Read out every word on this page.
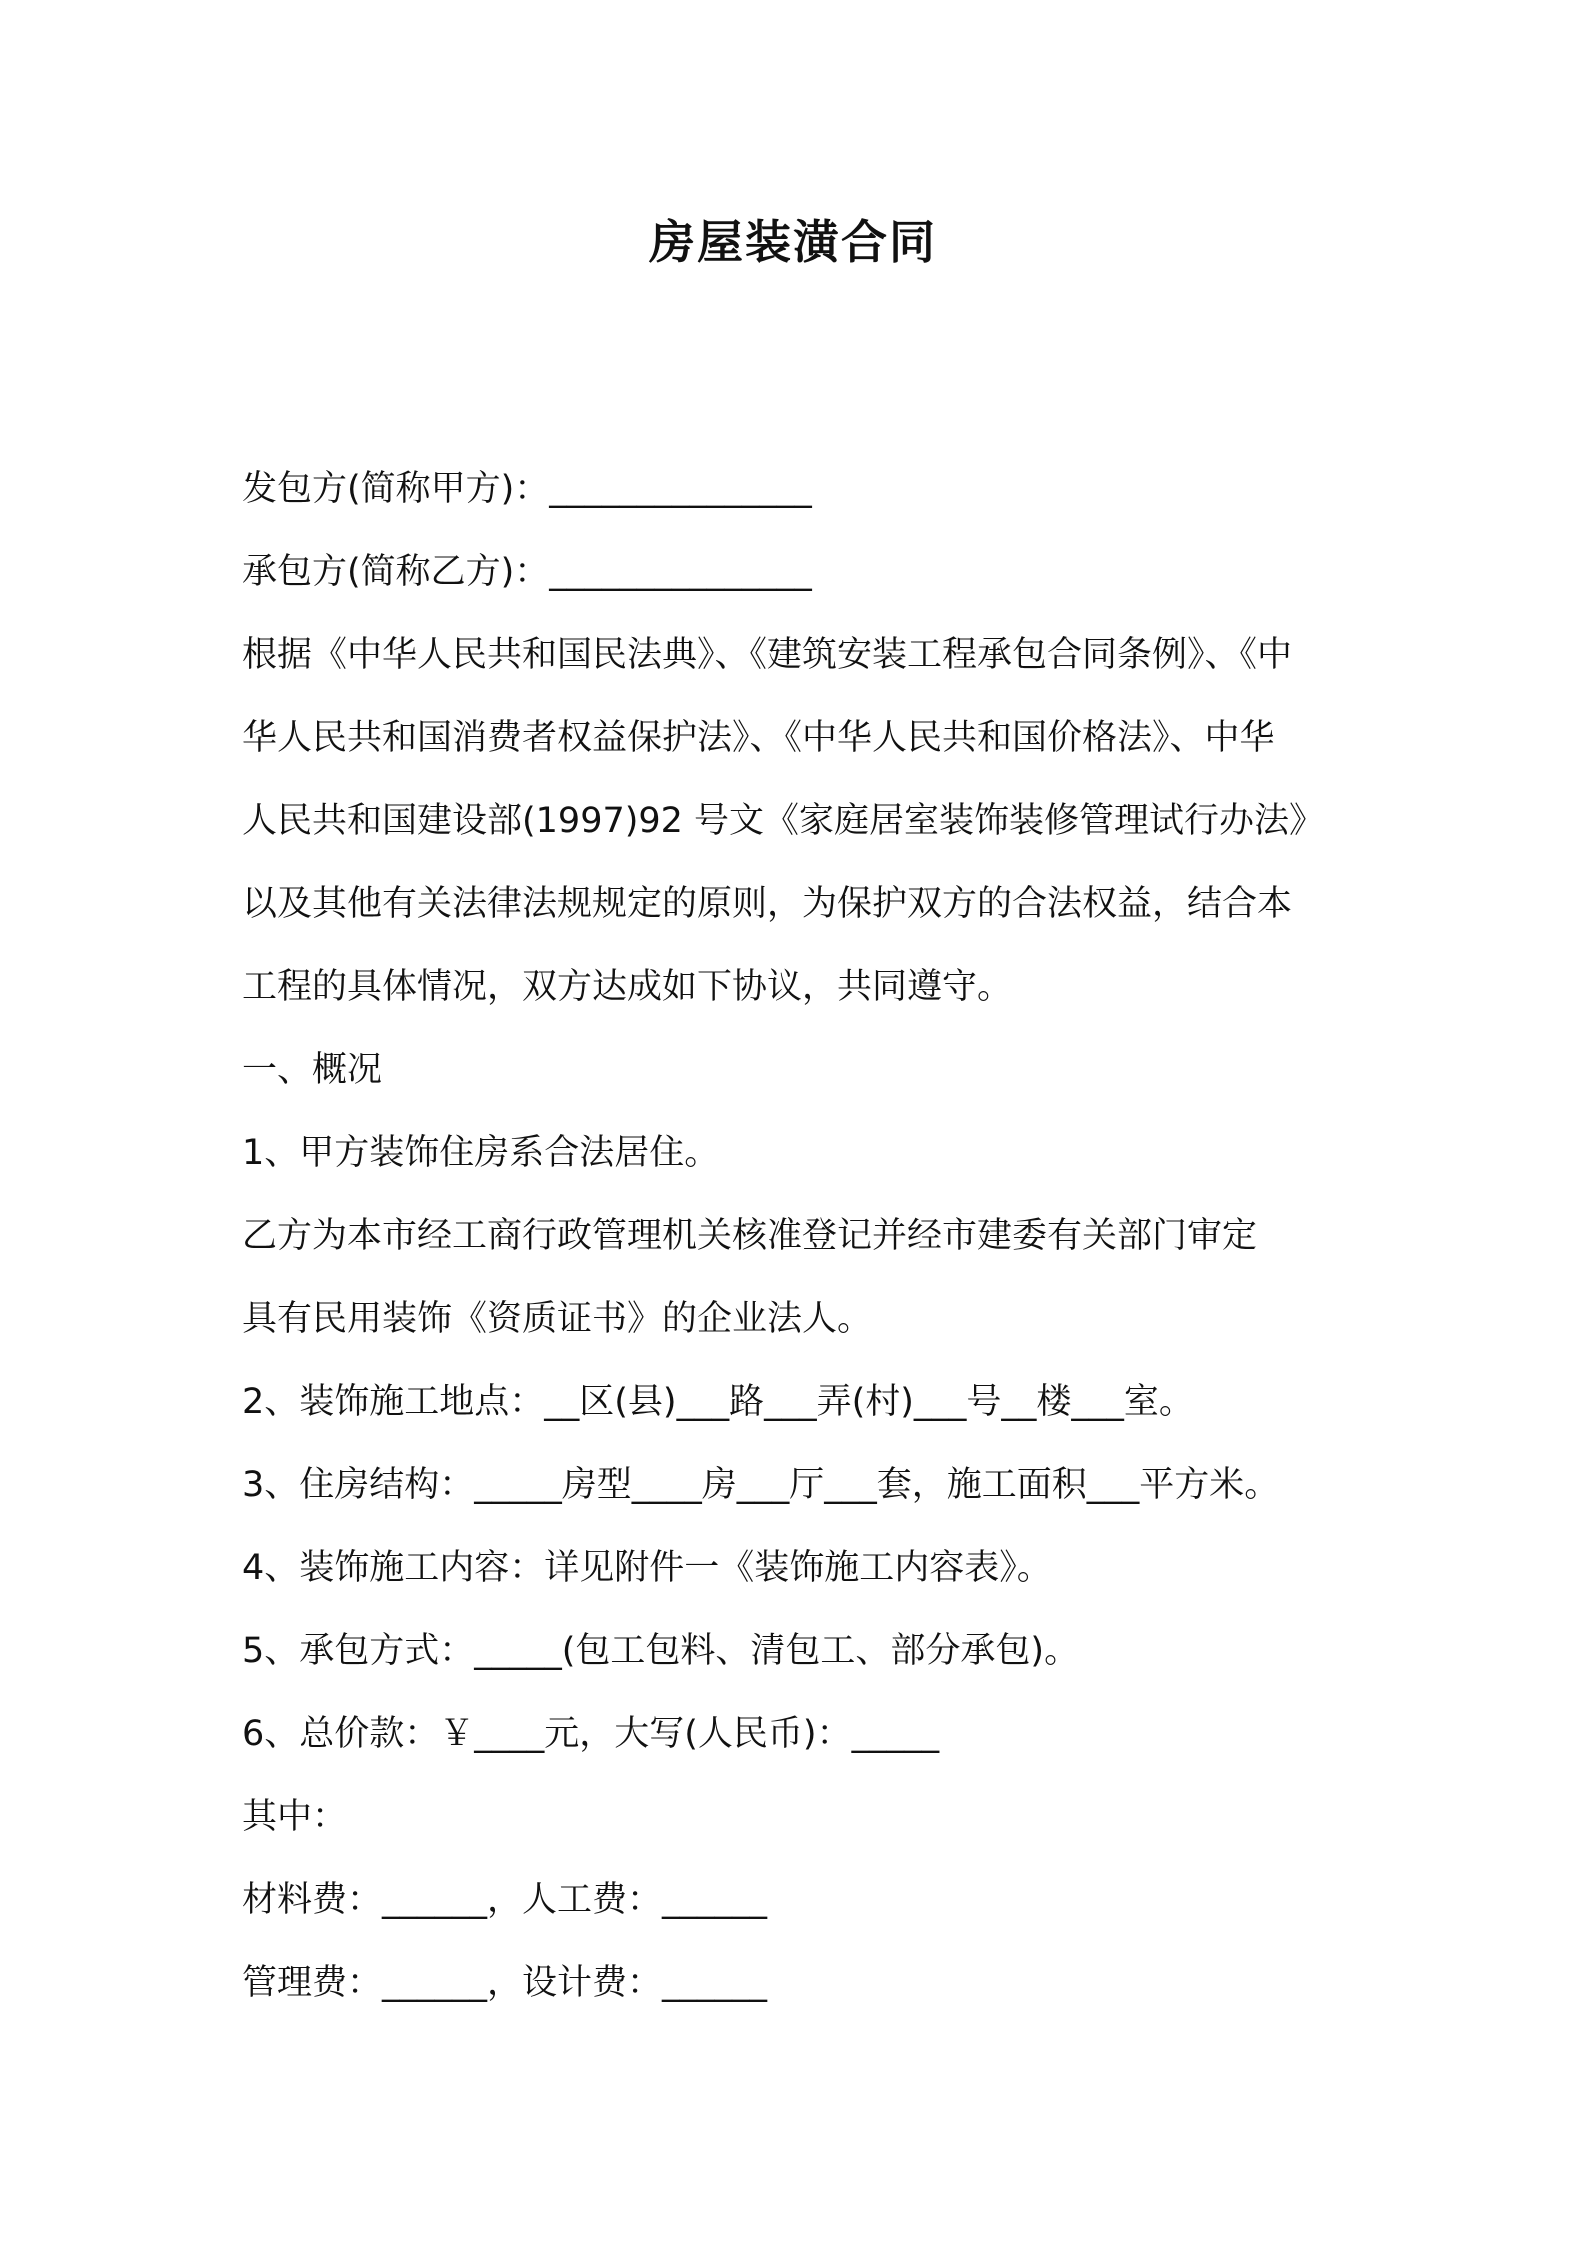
房屋装潢合同
发包方(简称甲方)：_______________
承包方(简称乙方)：_______________
根据《中华人民共和国民法典》、《建筑安装工程承包合同条例》、《中
华人民共和国消费者权益保护法》、《中华人民共和国价格法》、中华
人民共和国建设部(1997)92 号文《家庭居室装饰装修管理试行办法》
以及其他有关法律法规规定的原则，为保护双方的合法权益，结合本
工程的具体情况，双方达成如下协议，共同遵守。
一、概况
1、甲方装饰住房系合法居住。
乙方为本市经工商行政管理机关核准登记并经市建委有关部门审定
具有民用装饰《资质证书》的企业法人。
2、装饰施工地点：__区(县)___路___弄(村)___号__楼___室。
3、住房结构：_____房型____房___厅___套，施工面积___平方米。
4、装饰施工内容：详见附件一《装饰施工内容表》。
5、承包方式：_____(包工包料、清包工、部分承包)。
6、总价款：￥____元，大写(人民币)：_____
其中：
材料费：______，人工费：______
管理费：______，设计费：______
